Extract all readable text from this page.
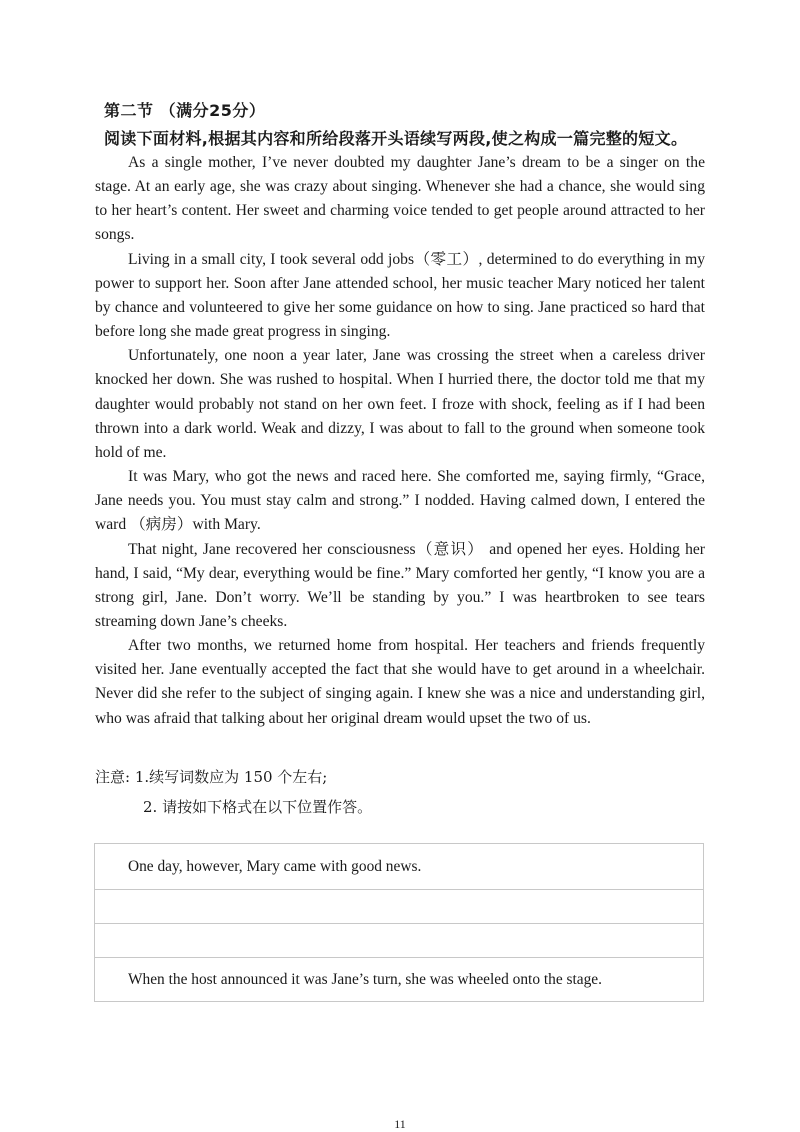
第二节 （满分25分）
阅读下面材料,根据其内容和所给段落开头语续写两段,使之构成一篇完整的短文。

As a single mother, I’ve never doubted my daughter Jane’s dream to be a singer on the stage. At an early age, she was crazy about singing. Whenever she had a chance, she would sing to her heart’s content. Her sweet and charming voice tended to get people around attracted to her songs.

Living in a small city, I took several odd jobs（零工）, determined to do everything in my power to support her. Soon after Jane attended school, her music teacher Mary noticed her talent by chance and volunteered to give her some guidance on how to sing. Jane practiced so hard that before long she made great progress in singing.

Unfortunately, one noon a year later, Jane was crossing the street when a careless driver knocked her down. She was rushed to hospital. When I hurried there, the doctor told me that my daughter would probably not stand on her own feet. I froze with shock, feeling as if I had been thrown into a dark world. Weak and dizzy, I was about to fall to the ground when someone took hold of me.

It was Mary, who got the news and raced here. She comforted me, saying firmly, “Grace, Jane needs you. You must stay calm and strong.” I nodded. Having calmed down, I entered the ward （病房）with Mary.

That night, Jane recovered her consciousness（意识） and opened her eyes. Holding her hand, I said, “My dear, everything would be fine.” Mary comforted her gently, “I know you are a strong girl, Jane. Don’t worry. We’ll be standing by you.” I was heartbroken to see tears streaming down Jane’s cheeks.

After two months, we returned home from hospital. Her teachers and friends frequently visited her. Jane eventually accepted the fact that she would have to get around in a wheelchair. Never did she refer to the subject of singing again. I knew she was a nice and understanding girl, who was afraid that talking about her original dream would upset the two of us.

注意: 1.续写词数应为 150 个左右;
2. 请按如下格式在以下位置作答。
One day, however, Mary came with good news.
When the host announced it was Jane’s turn, she was wheeled onto the stage.
11
